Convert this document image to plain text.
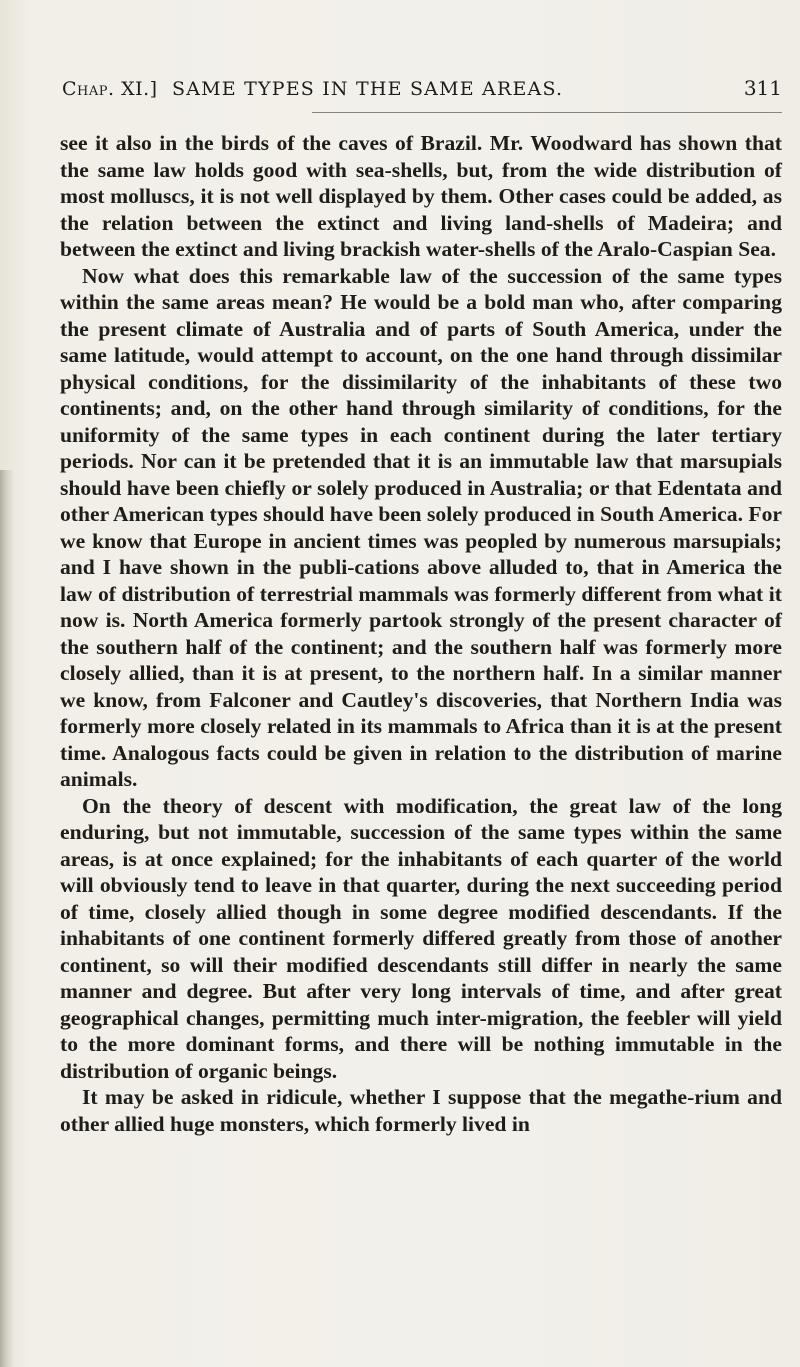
Chap. XI.] SAME TYPES IN THE SAME AREAS.	311

see it also in the birds of the caves of Brazil. Mr. Woodward has shown that the same law holds good with sea-shells, but, from the wide distribution of most molluscs, it is not well displayed by them. Other cases could be added, as the relation between the extinct and living land-shells of Madeira; and between the extinct and living brackish water-shells of the Aralo-Caspian Sea.

Now what does this remarkable law of the succession of the same types within the same areas mean? He would be a bold man who, after comparing the present climate of Australia and of parts of South America, under the same latitude, would attempt to account, on the one hand through dissimilar physical conditions, for the dissimilarity of the inhabitants of these two continents; and, on the other hand through similarity of conditions, for the uniformity of the same types in each continent during the later tertiary periods. Nor can it be pretended that it is an immutable law that marsupials should have been chiefly or solely produced in Australia; or that Edentata and other American types should have been solely produced in South America. For we know that Europe in ancient times was peopled by numerous marsupials; and I have shown in the publi-cations above alluded to, that in America the law of distribution of terrestrial mammals was formerly different from what it now is. North America formerly partook strongly of the present character of the southern half of the continent; and the southern half was formerly more closely allied, than it is at present, to the northern half. In a similar manner we know, from Falconer and Cautley's discoveries, that Northern India was formerly more closely related in its mammals to Africa than it is at the present time. Analogous facts could be given in relation to the distribution of marine animals.

On the theory of descent with modification, the great law of the long enduring, but not immutable, succession of the same types within the same areas, is at once explained; for the inhabitants of each quarter of the world will obviously tend to leave in that quarter, during the next succeeding period of time, closely allied though in some degree modified descendants. If the inhabitants of one continent formerly differed greatly from those of another continent, so will their modified descendants still differ in nearly the same manner and degree. But after very long intervals of time, and after great geographical changes, permitting much inter-migration, the feebler will yield to the more dominant forms, and there will be nothing immutable in the distribution of organic beings.

It may be asked in ridicule, whether I suppose that the megathe-rium and other allied huge monsters, which formerly lived in
